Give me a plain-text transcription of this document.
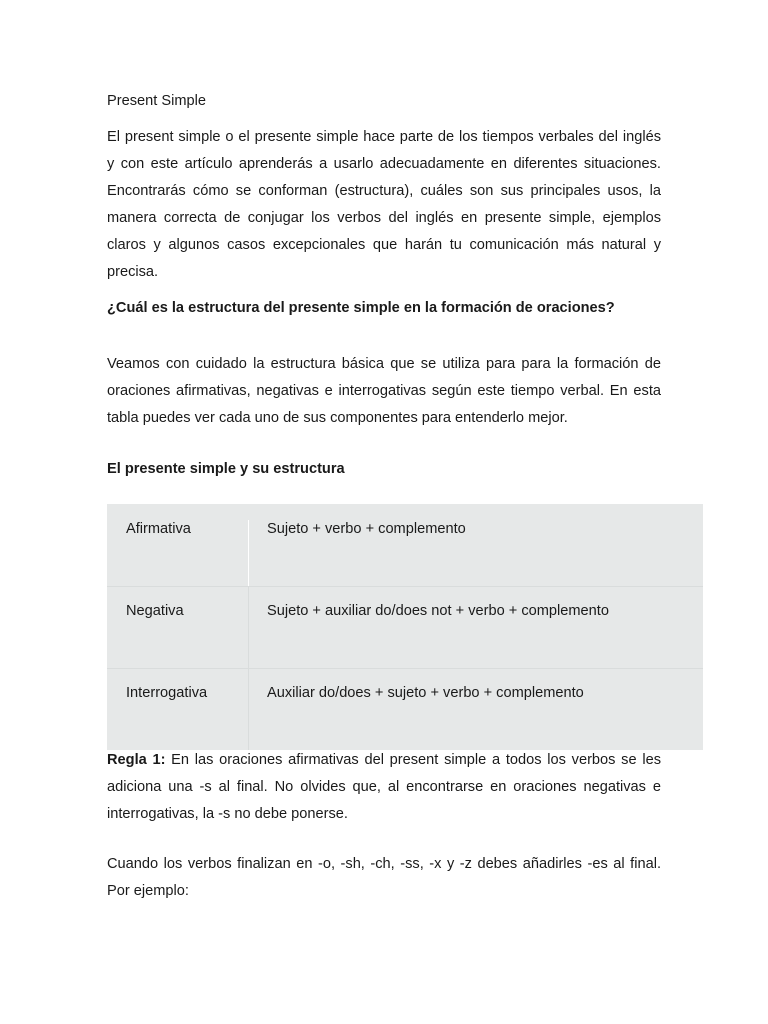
Present Simple
El present simple o el presente simple hace parte de los tiempos verbales del inglés
y con este artículo aprenderás a usarlo adecuadamente en diferentes situaciones.
Encontrarás cómo se conforman (estructura), cuáles son sus principales usos, la
manera correcta de conjugar los verbos del inglés en presente simple, ejemplos
claros y algunos casos excepcionales que harán tu comunicación más natural y
precisa.
¿Cuál es la estructura del presente simple en la formación de oraciones?
Veamos con cuidado la estructura básica que se utiliza para para la formación de
oraciones afirmativas, negativas e interrogativas según este tiempo verbal. En esta
tabla puedes ver cada uno de sus componentes para entenderlo mejor.
El presente simple y su estructura
Afirmativa	Sujeto + verbo + complemento
Negativa	Sujeto + auxiliar do/does not + verbo + complemento
Interrogativa	Auxiliar do/does + sujeto + verbo + complemento
Regla 1: En las oraciones afirmativas del present simple a todos los verbos se les
adiciona una -s al final. No olvides que, al encontrarse en oraciones negativas e
interrogativas, la -s no debe ponerse.
Cuando los verbos finalizan en -o, -sh, -ch, -ss, -x y -z debes añadirles -es al final.
Por ejemplo:
